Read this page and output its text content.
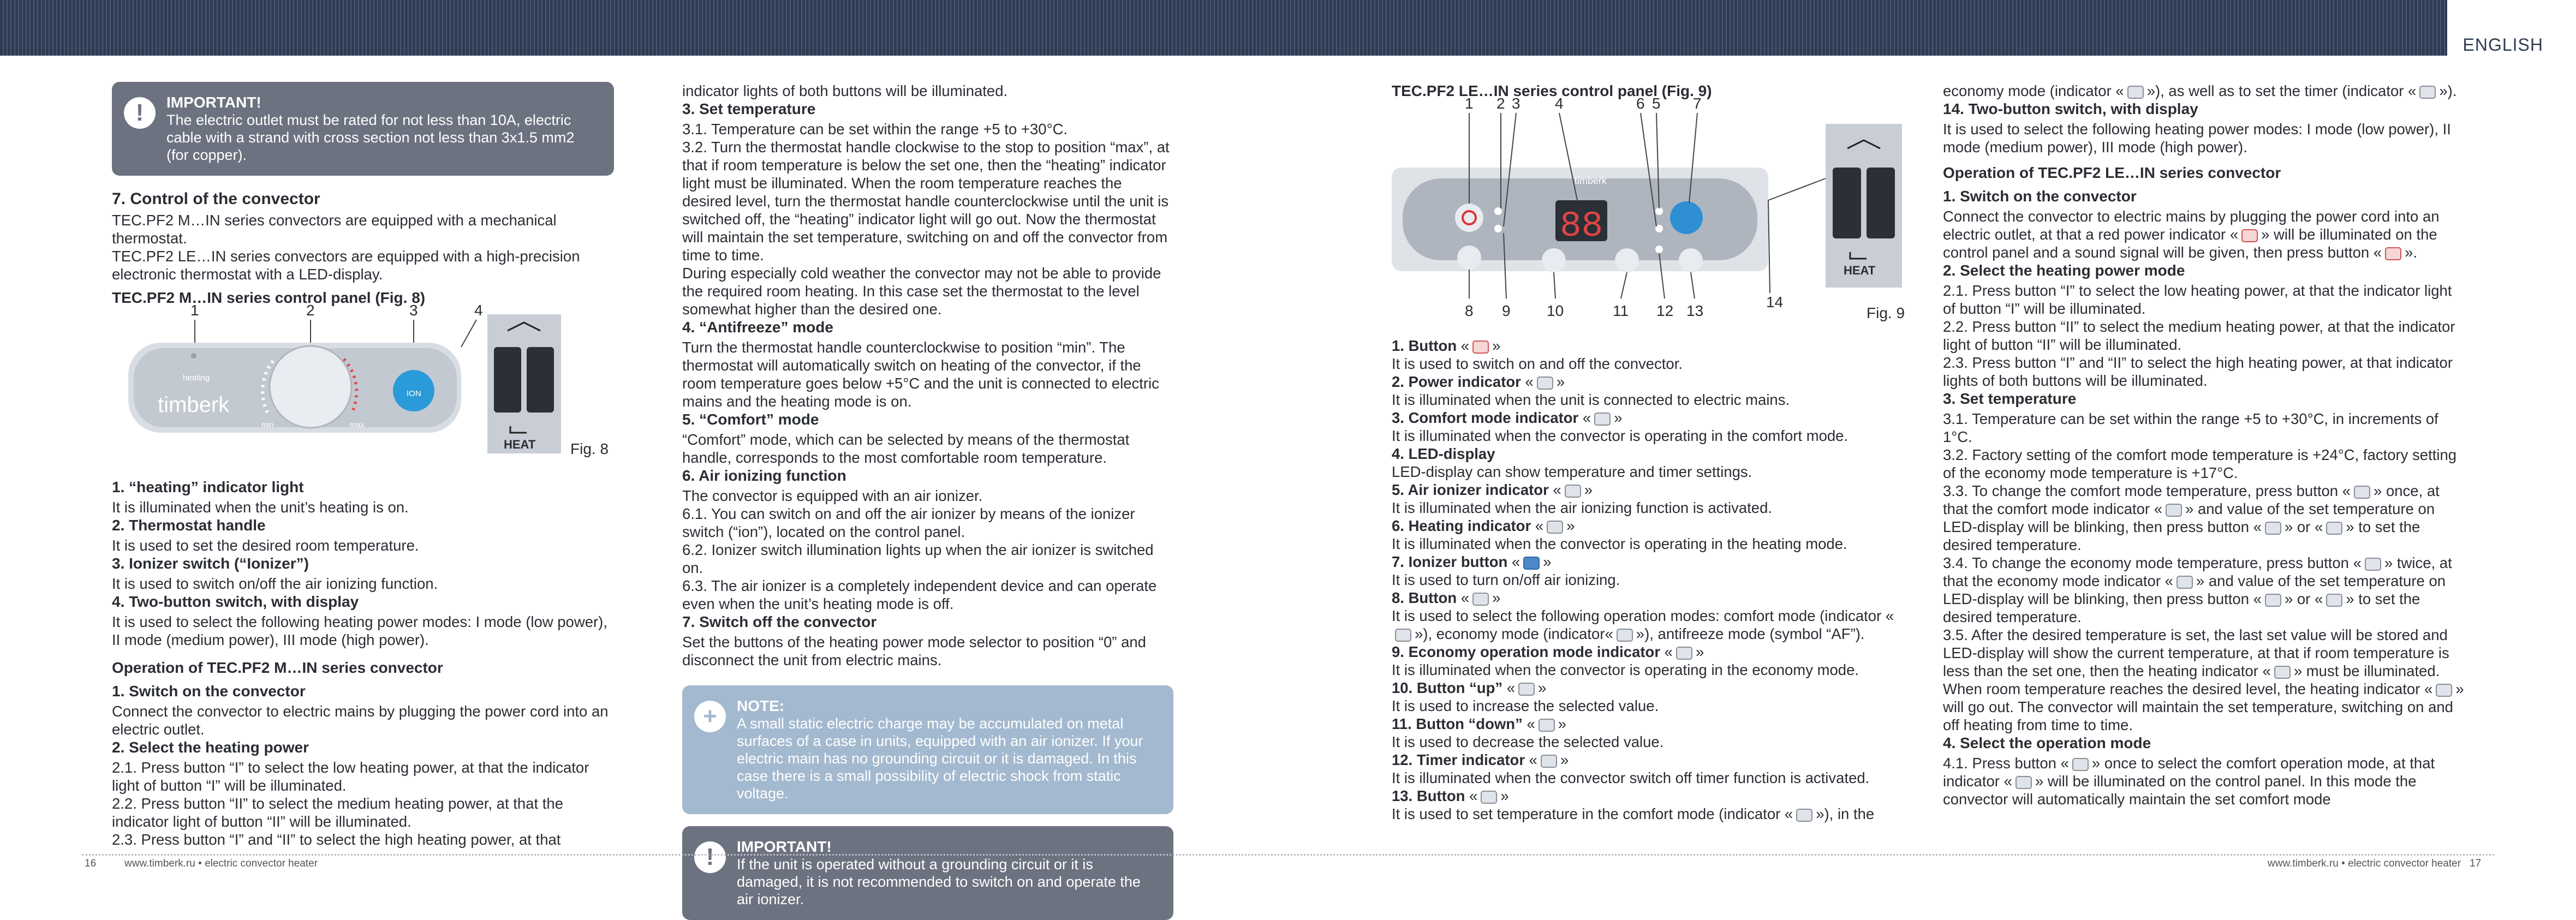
ENGLISH
!	IMPORTANT!
The electric outlet must be rated for not less than 10A, electric cable with a strand with cross section not less than 3x1.5 mm2 (for copper).
7. Control of the convector

TEC.PF2 M…IN series convectors are equipped with a mechanical thermostat.

TEC.PF2 LE…IN series convectors are equipped with a high-precision electronic thermostat with a LED-display.

TEC.PF2 M…IN series control panel (Fig. 8)
1	2	3	4
heating
timberk
min	max
ION
HEAT Fig. 8
1. “heating” indicator light

It is illuminated when the unit’s heating is on.

2. Thermostat handle

It is used to set the desired room temperature.

3. Ionizer switch (“Ionizer”)

It is used to switch on/off the air ionizing function.

4. Two-button switch, with display

It is used to select the following heating power modes: I mode (low power), II mode (medium power), III mode (high power).

Operation of TEC.PF2 M…IN series convector
1. Switch on the convector

Connect the convector to electric mains by plugging the power cord into an electric outlet.

2. Select the heating power

2.1. Press button “I” to select the low heating power, at that the indicator light of button “I” will be illuminated.

2.2. Press button “II” to select the medium heating power, at that the indicator light of button “II” will be illuminated.

2.3. Press button “I” and “II” to select the high heating power, at that

indicator lights of both buttons will be illuminated.

3. Set temperature

3.1. Temperature can be set within the range +5 to +30°C.

3.2. Turn the thermostat handle clockwise to the stop to position “max”, at that if room temperature is below the set one, then the “heating” indicator light must be illuminated. When the room temperature reaches the desired level, turn the thermostat handle counterclockwise until the unit is switched off, the “heating” indicator light will go out. Now the thermostat will maintain the set temperature, switching on and off the convector from time to time.

During especially cold weather the convector may not be able to provide the required room heating. In this case set the thermostat to the level somewhat higher than the desired one.

4. “Antifreeze” mode

Turn the thermostat handle counterclockwise to position “min”. The thermostat will automatically switch on heating of the convector, if the room temperature goes below +5°C and the unit is connected to electric mains and the heating mode is on.

5. “Comfort” mode

“Comfort” mode, which can be selected by means of the thermostat handle, corresponds to the most comfortable room temperature.

6. Air ionizing function

The convector is equipped with an air ionizer.

6.1. You can switch on and off the air ionizer by means of the ionizer switch (“ion”), located on the control panel.

6.2. Ionizer switch illumination lights up when the air ionizer is switched on.

6.3. The air ionizer is a completely independent device and can operate even when the unit’s heating mode is off.

7. Switch off the convector

Set the buttons of the heating power mode selector to position “0” and disconnect the unit from electric mains.

+	NOTE:
A small static electric charge may be accumulated on metal surfaces of a case in units, equipped with an air ionizer. If your electric main has no grounding circuit or it is damaged. In this case there is a small possibility of electric shock from static voltage.
!	IMPORTANT!
If the unit is operated without a grounding circuit or it is damaged, it is not recommended to switch on and operate the air ionizer.
TEC.PF2 LE…IN series control panel (Fig. 9)
88
1 2 3 4	6 5 7
8 9 10	11 12 13
14
timberk
HEAT
Fig. 9

1. Button « »

It is used to switch on and off the convector.

2. Power indicator « »

It is illuminated when the unit is connected to electric mains.

3. Comfort mode indicator « »

It is illuminated when the convector is operating in the comfort mode.

4. LED-display

LED-display can show temperature and timer settings.

5. Air ionizer indicator « »

It is illuminated when the air ionizing function is activated.

6. Heating indicator « »

It is illuminated when the convector is operating in the heating mode.

7. Ionizer button « »

It is used to turn on/off air ionizing.

8. Button « »

It is used to select the following operation modes: comfort mode (indicator «»), economy mode (indicator« »), antifreeze mode (symbol “AF”).

9. Economy operation mode indicator « »

It is illuminated when the convector is operating in the economy mode.

10. Button “up” « »

It is used to increase the selected value.

11. Button “down” « »

It is used to decrease the selected value.

12. Timer indicator « »

It is illuminated when the convector switch off timer function is activated.

13. Button « »

It is used to set temperature in the comfort mode (indicator « »), in the

economy mode (indicator « »), as well as to set the timer (indicator « »).

14. Two-button switch, with display

It is used to select the following heating power modes: I mode (low power), II mode (medium power), III mode (high power).

Operation of TEC.PF2 LE…IN series convector
1. Switch on the convector

Connect the convector to electric mains by plugging the power cord into an electric outlet, at that a red power indicator « » will be illuminated on the control panel and a sound signal will be given, then press button « ».

2. Select the heating power mode

2.1. Press button “I” to select the low heating power, at that the indicator light of button “I” will be illuminated.

2.2. Press button “II” to select the medium heating power, at that the indicator light of button “II” will be illuminated.

2.3. Press button “I” and “II” to select the high heating power, at that indicator lights of both buttons will be illuminated.

3. Set temperature

3.1. Temperature can be set within the range +5 to +30°C, in increments of 1°C.

3.2. Factory setting of the comfort mode temperature is +24°C, factory setting of the economy mode temperature is +17°C.

3.3. To change the comfort mode temperature, press button « » once, at that the comfort mode indicator « » and value of the set temperature on LED-display will be blinking, then press button « » or « » to set the desired temperature.

3.4. To change the economy mode temperature, press button « » twice, at that the economy mode indicator « » and value of the set temperature on LED-display will be blinking, then press button « » or « » to set the desired temperature.

3.5. After the desired temperature is set, the last set value will be stored and LED-display will show the current temperature, at that if room temperature is less than the set one, then the heating indicator « » must be illuminated. When room temperature reaches the desired level, the heating indicator « » will go out. The convector will maintain the set temperature, switching on and off heating from time to time.

4. Select the operation mode

4.1. Press button « » once to select the comfort operation mode, at that indicator « » will be illuminated on the control panel. In this mode the convector will automatically maintain the set comfort mode

16	www.timberk.ru • electric convector heater	www.timberk.ru • electric convector heater 17
